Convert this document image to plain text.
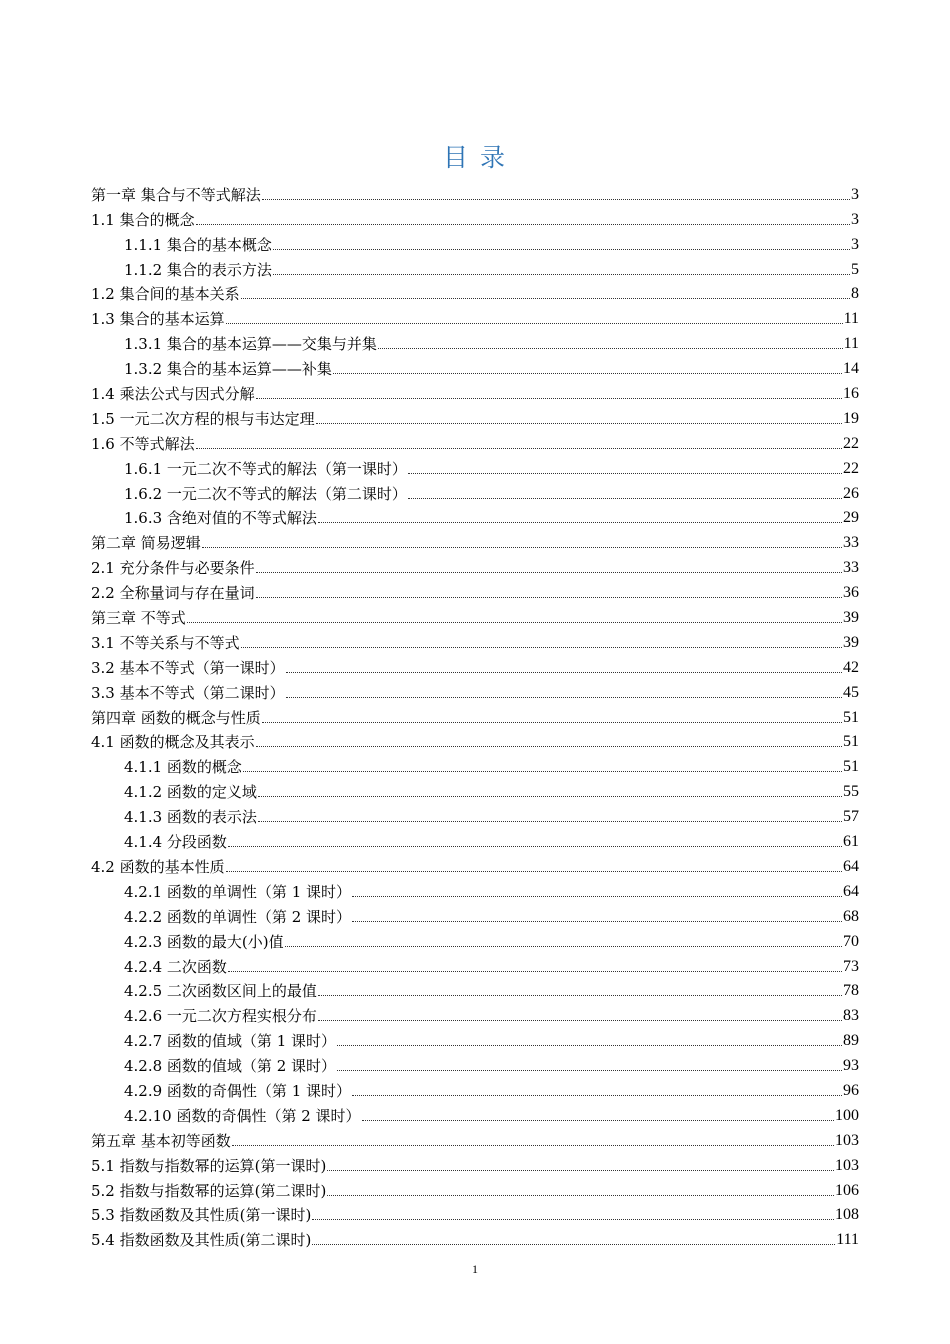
目 录
第一章 集合与不等式解法	3
1.1 集合的概念	3
1.1.1 集合的基本概念	3
1.1.2 集合的表示方法	5
1.2 集合间的基本关系	8
1.3 集合的基本运算	11
1.3.1 集合的基本运算——交集与并集	11
1.3.2 集合的基本运算——补集	14
1.4 乘法公式与因式分解	16
1.5 一元二次方程的根与韦达定理	19
1.6 不等式解法	22
1.6.1 一元二次不等式的解法（第一课时）	22
1.6.2 一元二次不等式的解法（第二课时）	26
1.6.3 含绝对值的不等式解法	29
第二章 简易逻辑	33
2.1 充分条件与必要条件	33
2.2 全称量词与存在量词	36
第三章 不等式	39
3.1 不等关系与不等式	39
3.2 基本不等式（第一课时）	42
3.3 基本不等式（第二课时）	45
第四章 函数的概念与性质	51
4.1 函数的概念及其表示	51
4.1.1 函数的概念	51
4.1.2 函数的定义域	55
4.1.3 函数的表示法	57
4.1.4 分段函数	61
4.2 函数的基本性质	64
4.2.1 函数的单调性（第 1 课时）	64
4.2.2 函数的单调性（第 2 课时）	68
4.2.3 函数的最大(小)值	70
4.2.4 二次函数	73
4.2.5 二次函数区间上的最值	78
4.2.6 一元二次方程实根分布	83
4.2.7 函数的值域（第 1 课时）	89
4.2.8 函数的值域（第 2 课时）	93
4.2.9 函数的奇偶性（第 1 课时）	96
4.2.10 函数的奇偶性（第 2 课时）	100
第五章 基本初等函数	103
5.1 指数与指数幂的运算(第一课时)	103
5.2 指数与指数幂的运算(第二课时)	106
5.3 指数函数及其性质(第一课时)	108
5.4 指数函数及其性质(第二课时)	111
1
